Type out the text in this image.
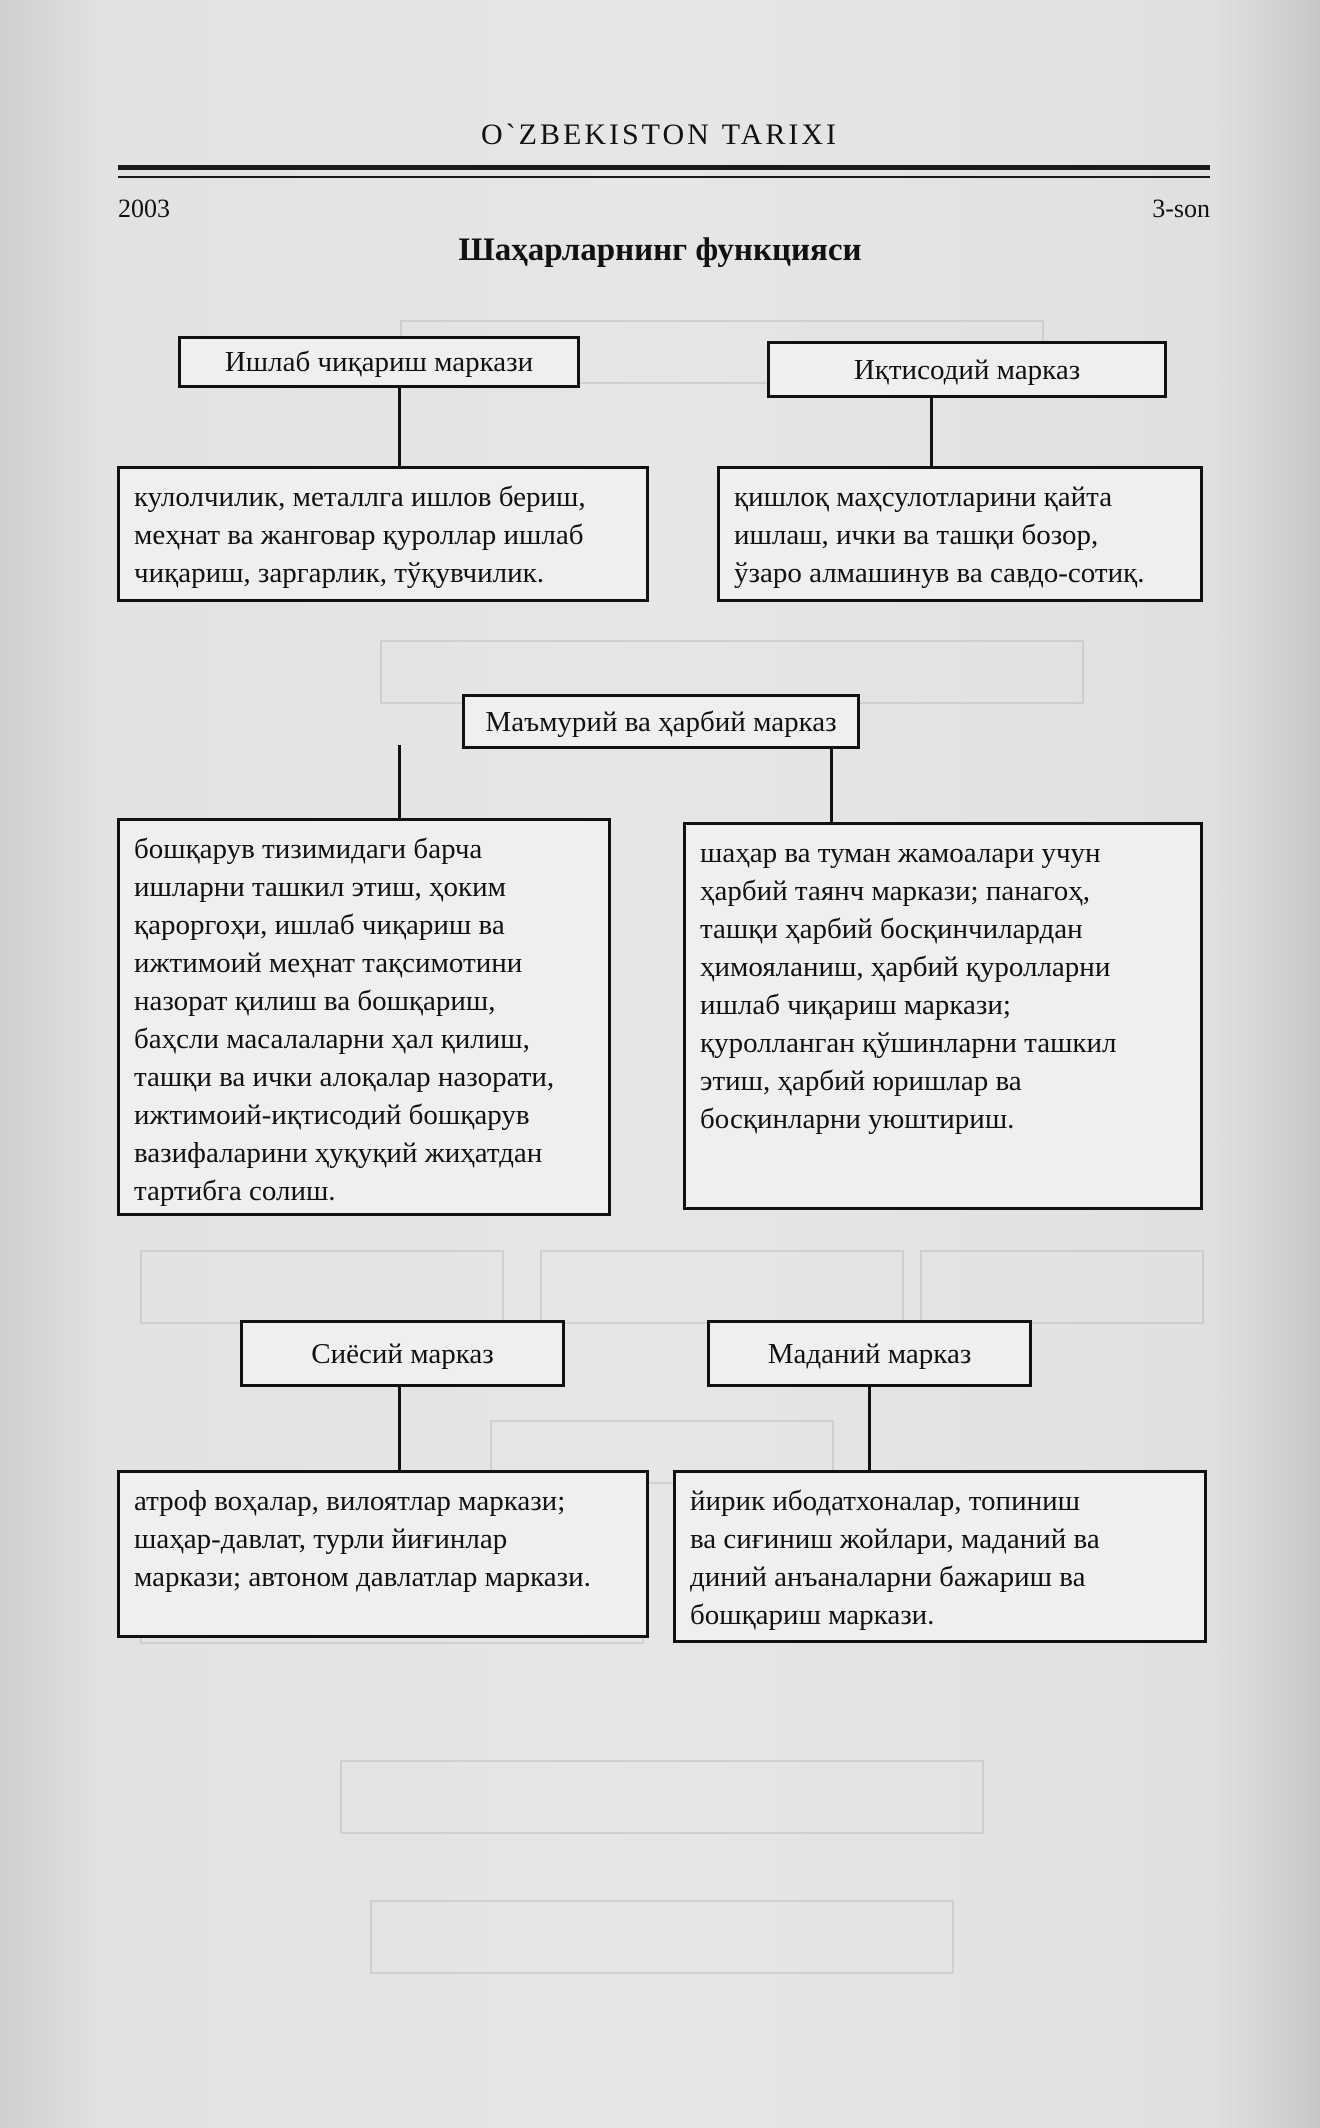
O`ZBEKISTON TARIXI
2003	3-son
Шаҳарларнинг функцияси
Ишлаб чиқариш маркази	Иқтисодий марказ
кулолчилик, металлга ишлов бериш,
меҳнат ва жанговар қуроллар ишлаб
чиқариш, заргарлик, тўқувчилик.
қишлоқ маҳсулотларини қайта
ишлаш, ички ва ташқи бозор,
ўзаро алмашинув ва савдо-сотиқ.
Маъмурий ва ҳарбий марказ
бошқарув тизимидаги барча
ишларни ташкил этиш, ҳоким
қароргоҳи, ишлаб чиқариш ва
ижтимоий меҳнат тақсимотини
назорат қилиш ва бошқариш,
баҳсли масалаларни ҳал қилиш,
ташқи ва ички алоқалар назорати,
ижтимоий-иқтисодий бошқарув
вазифаларини ҳуқуқий жиҳатдан
тартибга солиш.
шаҳар ва туман жамоалари учун
ҳарбий таянч маркази; панагоҳ,
ташқи ҳарбий босқинчилардан
ҳимояланиш, ҳарбий қуролларни
ишлаб чиқариш маркази;
қуролланган қўшинларни ташкил
этиш, ҳарбий юришлар ва
босқинларни уюштириш.
Сиёсий марказ	Маданий марказ
атроф воҳалар, вилоятлар маркази;
шаҳар-давлат, турли йиғинлар
маркази; автоном давлатлар маркази.
йирик ибодатхоналар, топиниш
ва сиғиниш жойлари, маданий ва
диний анъаналарни бажариш ва
бошқариш маркази.
